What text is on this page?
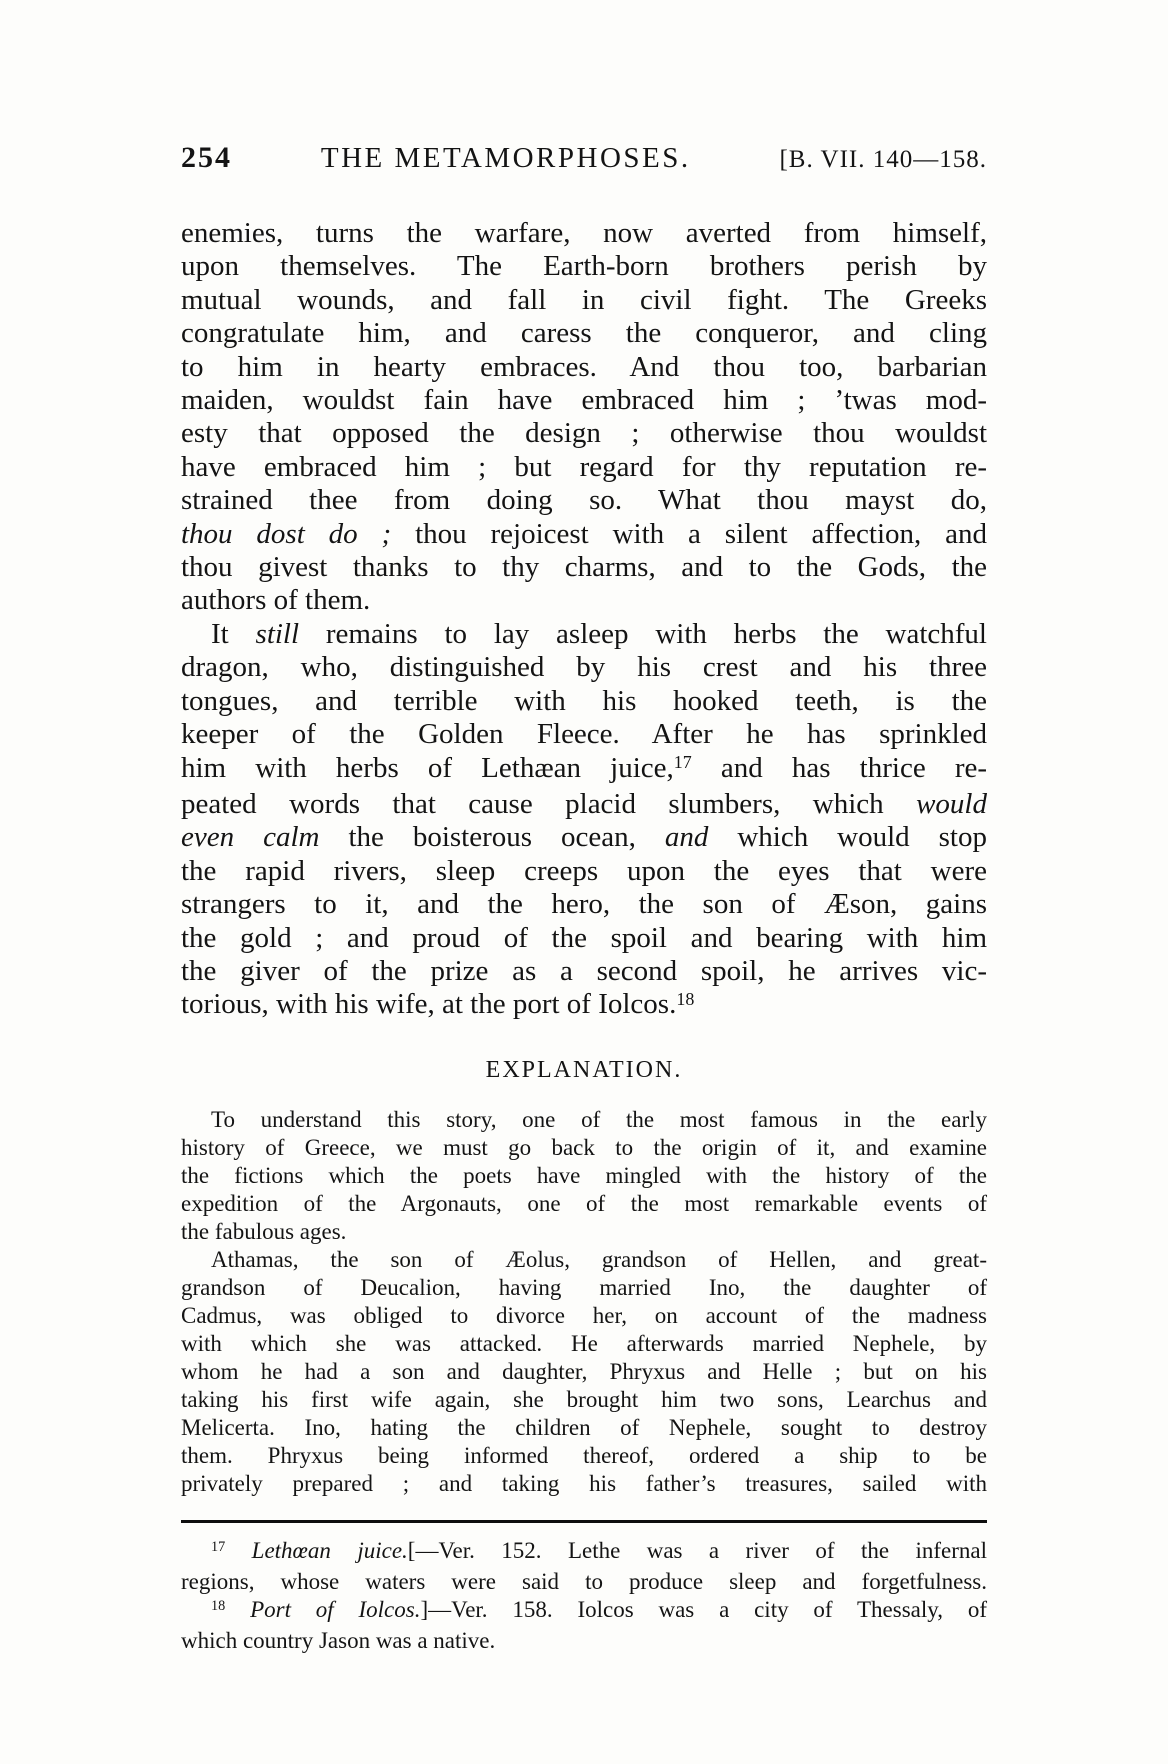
254	THE METAMORPHOSES.	[B. VII. 140—158.
enemies, turns the warfare, now averted from himself,
upon themselves. The Earth-born brothers perish by
mutual wounds, and fall in civil fight. The Greeks
congratulate him, and caress the conqueror, and cling
to him in hearty embraces. And thou too, barbarian
maiden, wouldst fain have embraced him ; ’twas mod-
esty that opposed the design ; otherwise thou wouldst
have embraced him ; but regard for thy reputation re-
strained thee from doing so. What thou mayst do,
thou dost do ; thou rejoicest with a silent affection, and
thou givest thanks to thy charms, and to the Gods, the
authors of them.
It still remains to lay asleep with herbs the watchful
dragon, who, distinguished by his crest and his three
tongues, and terrible with his hooked teeth, is the
keeper of the Golden Fleece. After he has sprinkled
him with herbs of Lethæan juice,$^{17}$ and has thrice re-
peated words that cause placid slumbers, which would
even calm the boisterous ocean, and which would stop
the rapid rivers, sleep creeps upon the eyes that were
strangers to it, and the hero, the son of Æson, gains
the gold ; and proud of the spoil and bearing with him
the giver of the prize as a second spoil, he arrives vic-
torious, with his wife, at the port of Iolcos.$^{18}$
EXPLANATION.
To understand this story, one of the most famous in the early
history of Greece, we must go back to the origin of it, and examine
the fictions which the poets have mingled with the history of the
expedition of the Argonauts, one of the most remarkable events of
the fabulous ages.
Athamas, the son of Æolus, grandson of Hellen, and great-
grandson of Deucalion, having married Ino, the daughter of
Cadmus, was obliged to divorce her, on account of the madness
with which she was attacked. He afterwards married Nephele, by
whom he had a son and daughter, Phryxus and Helle ; but on his
taking his first wife again, she brought him two sons, Learchus and
Melicerta. Ino, hating the children of Nephele, sought to destroy
them. Phryxus being informed thereof, ordered a ship to be
privately prepared ; and taking his father’s treasures, sailed with
$^{17}$ Lethœan juice.[—Ver. 152. Lethe was a river of the infernal
regions, whose waters were said to produce sleep and forgetfulness.
$^{18}$ Port of Iolcos.]—Ver. 158. Iolcos was a city of Thessaly, of
which country Jason was a native.
